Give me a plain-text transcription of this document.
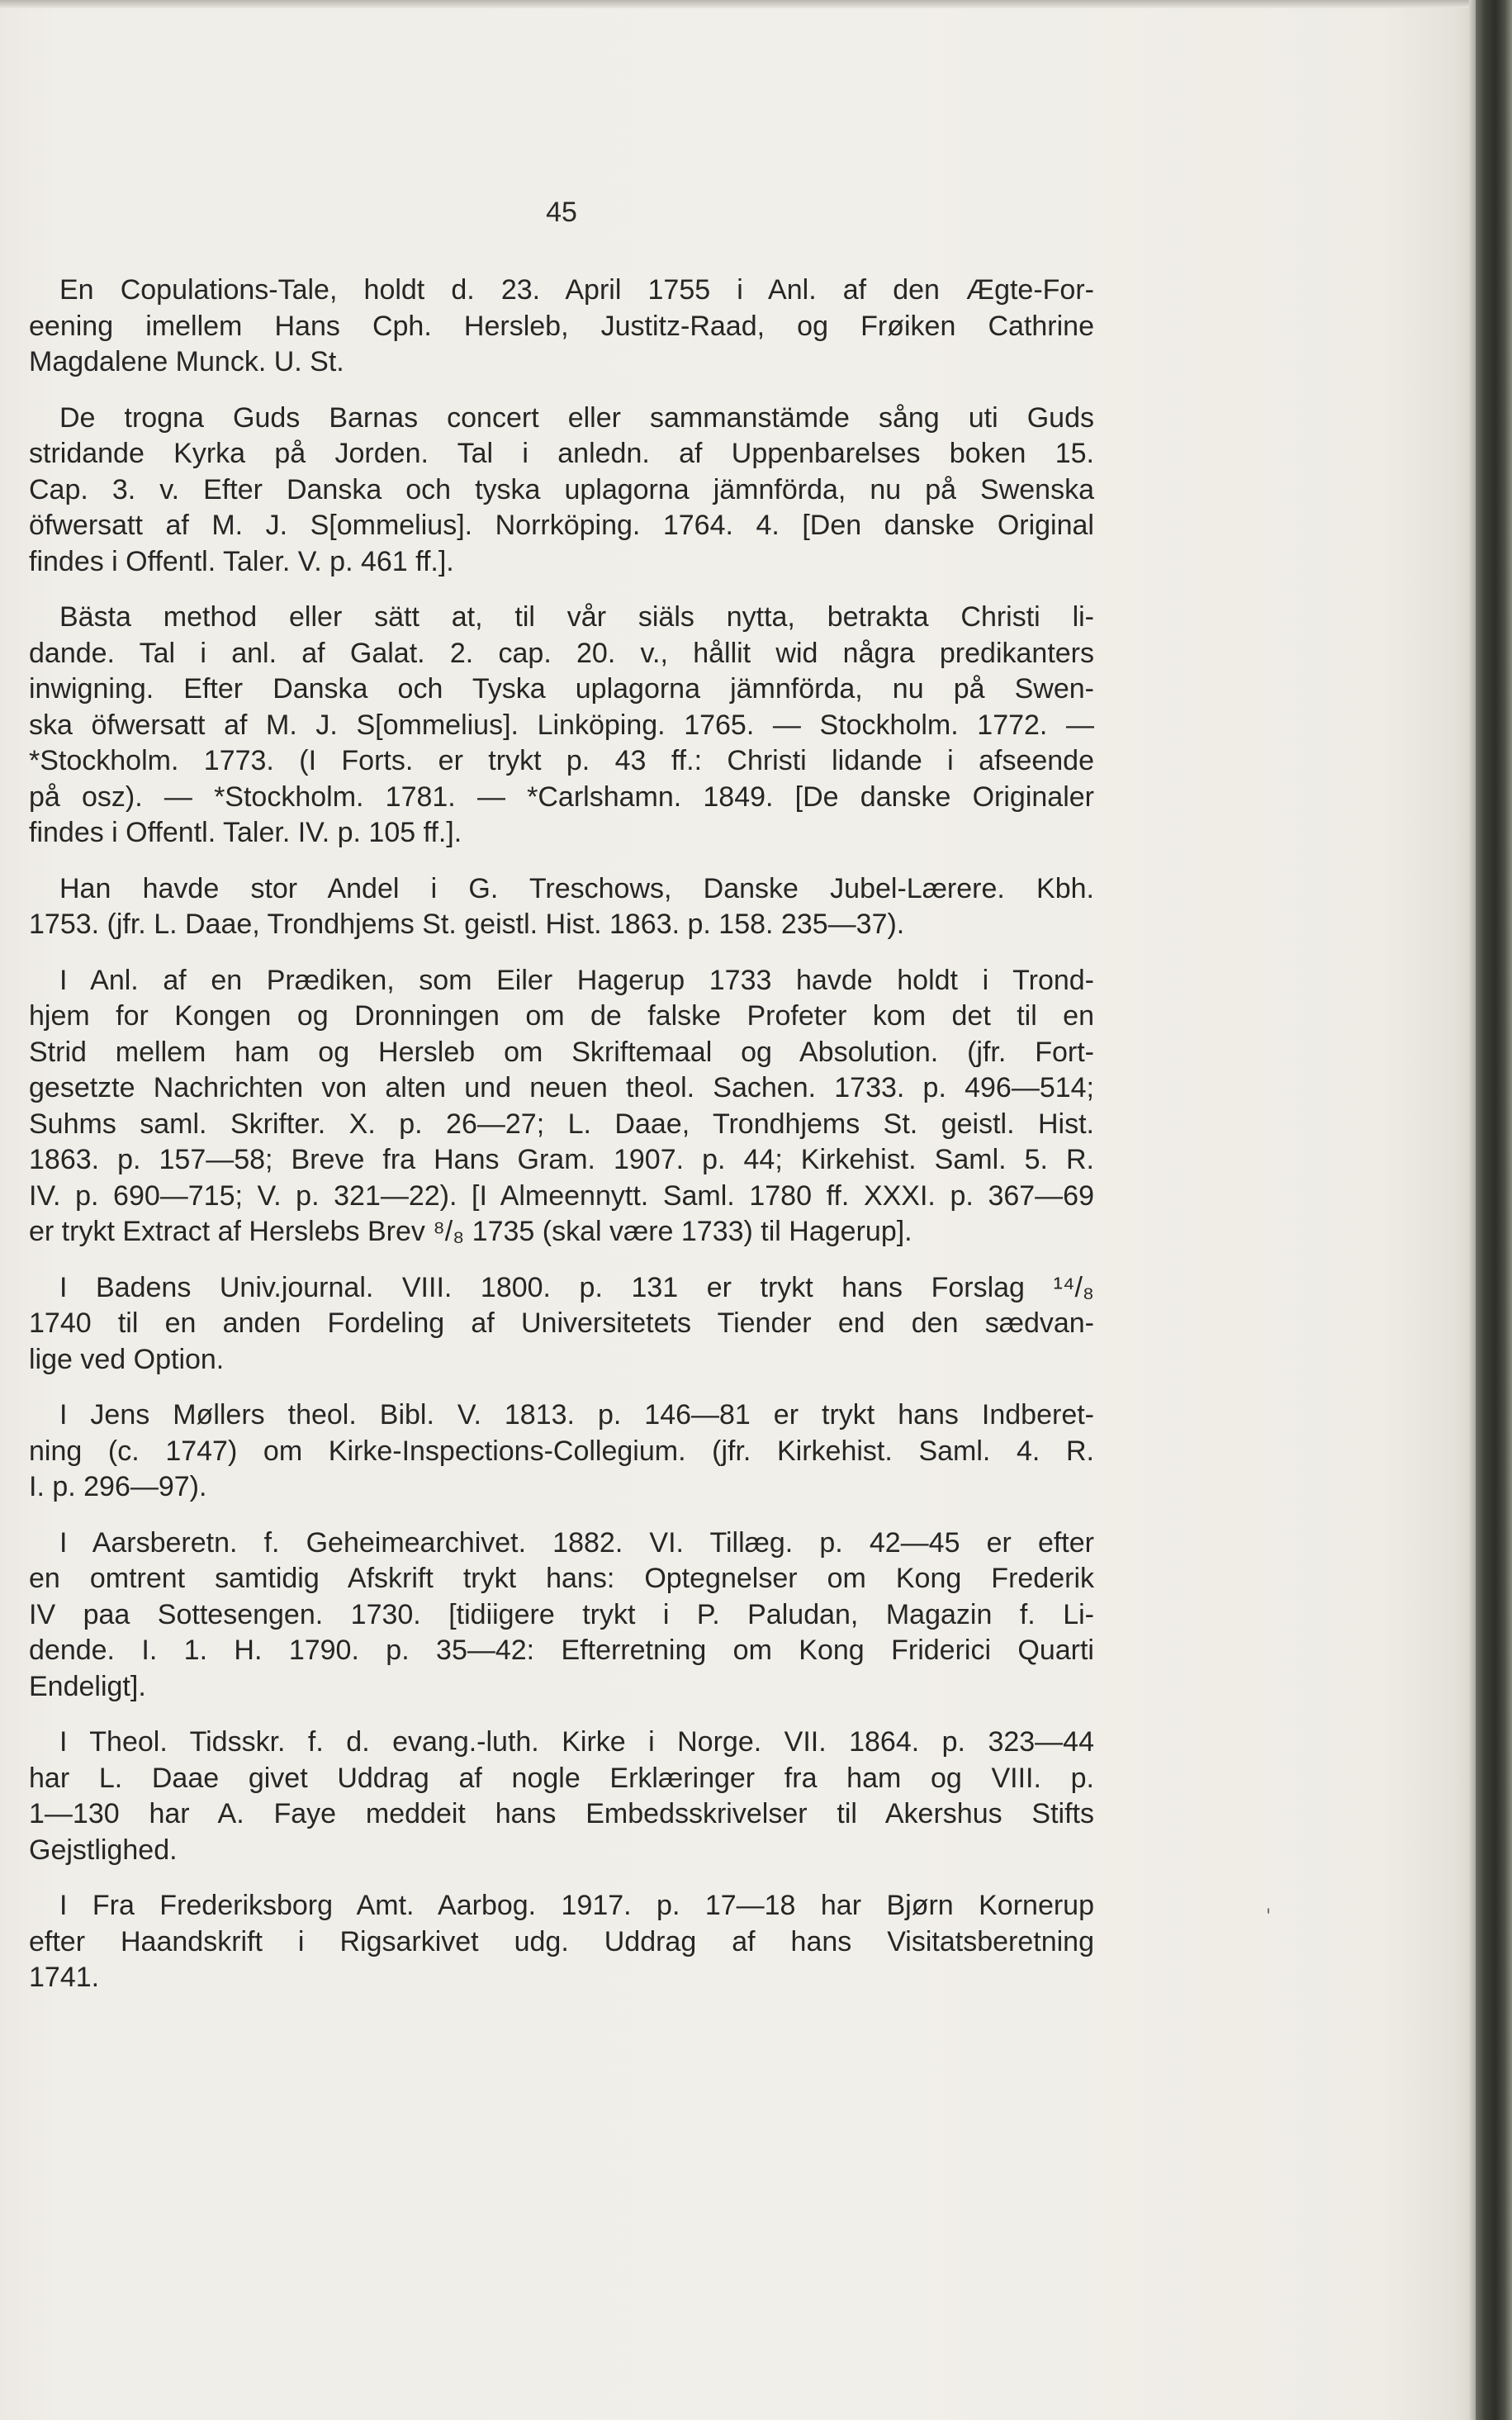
45
En Copulations-Tale, holdt d. 23. April 1755 i Anl. af den Ægte-For-
eening imellem Hans Cph. Hersleb, Justitz-Raad, og Frøiken Cathrine
Magdalene Munck. U. St.
De trogna Guds Barnas concert eller sammanstämde sång uti Guds
stridande Kyrka på Jorden. Tal i anledn. af Uppenbarelses boken 15.
Cap. 3. v. Efter Danska och tyska uplagorna jämnförda, nu på Swenska
öfwersatt af M. J. S[ommelius]. Norrköping. 1764. 4. [Den danske Original
findes i Offentl. Taler. V. p. 461 ff.].
Bästa method eller sätt at, til vår siäls nytta, betrakta Christi li-
dande. Tal i anl. af Galat. 2. cap. 20. v., hållit wid några predikanters
inwigning. Efter Danska och Tyska uplagorna jämnförda, nu på Swen-
ska öfwersatt af M. J. S[ommelius]. Linköping. 1765. — Stockholm. 1772. —
*Stockholm. 1773. (I Forts. er trykt p. 43 ff.: Christi lidande i afseende
på osz). — *Stockholm. 1781. — *Carlshamn. 1849. [De danske Originaler
findes i Offentl. Taler. IV. p. 105 ff.].
Han havde stor Andel i G. Treschows, Danske Jubel-Lærere. Kbh.
1753. (jfr. L. Daae, Trondhjems St. geistl. Hist. 1863. p. 158. 235—37).
I Anl. af en Prædiken, som Eiler Hagerup 1733 havde holdt i Trond-
hjem for Kongen og Dronningen om de falske Profeter kom det til en
Strid mellem ham og Hersleb om Skriftemaal og Absolution. (jfr. Fort-
gesetzte Nachrichten von alten und neuen theol. Sachen. 1733. p. 496—514;
Suhms saml. Skrifter. X. p. 26—27; L. Daae, Trondhjems St. geistl. Hist.
1863. p. 157—58; Breve fra Hans Gram. 1907. p. 44; Kirkehist. Saml. 5. R.
IV. p. 690—715; V. p. 321—22). [I Almeennytt. Saml. 1780 ff. XXXI. p. 367—69
er trykt Extract af Herslebs Brev ⁸/₈ 1735 (skal være 1733) til Hagerup].
I Badens Univ.journal. VIII. 1800. p. 131 er trykt hans Forslag ¹⁴/₈
1740 til en anden Fordeling af Universitetets Tiender end den sædvan-
lige ved Option.
I Jens Møllers theol. Bibl. V. 1813. p. 146—81 er trykt hans Indberet-
ning (c. 1747) om Kirke-Inspections-Collegium. (jfr. Kirkehist. Saml. 4. R.
I. p. 296—97).
I Aarsberetn. f. Geheimearchivet. 1882. VI. Tillæg. p. 42—45 er efter
en omtrent samtidig Afskrift trykt hans: Optegnelser om Kong Frederik
IV paa Sottesengen. 1730. [tidiigere trykt i P. Paludan, Magazin f. Li-
dende. I. 1. H. 1790. p. 35—42: Efterretning om Kong Friderici Quarti
Endeligt].
I Theol. Tidsskr. f. d. evang.-luth. Kirke i Norge. VII. 1864. p. 323—44
har L. Daae givet Uddrag af nogle Erklæringer fra ham og VIII. p.
1—130 har A. Faye meddeit hans Embedsskrivelser til Akershus Stifts
Gejstlighed.
I Fra Frederiksborg Amt. Aarbog. 1917. p. 17—18 har Bjørn Kornerup
efter Haandskrift i Rigsarkivet udg. Uddrag af hans Visitatsberetning
1741.
'
